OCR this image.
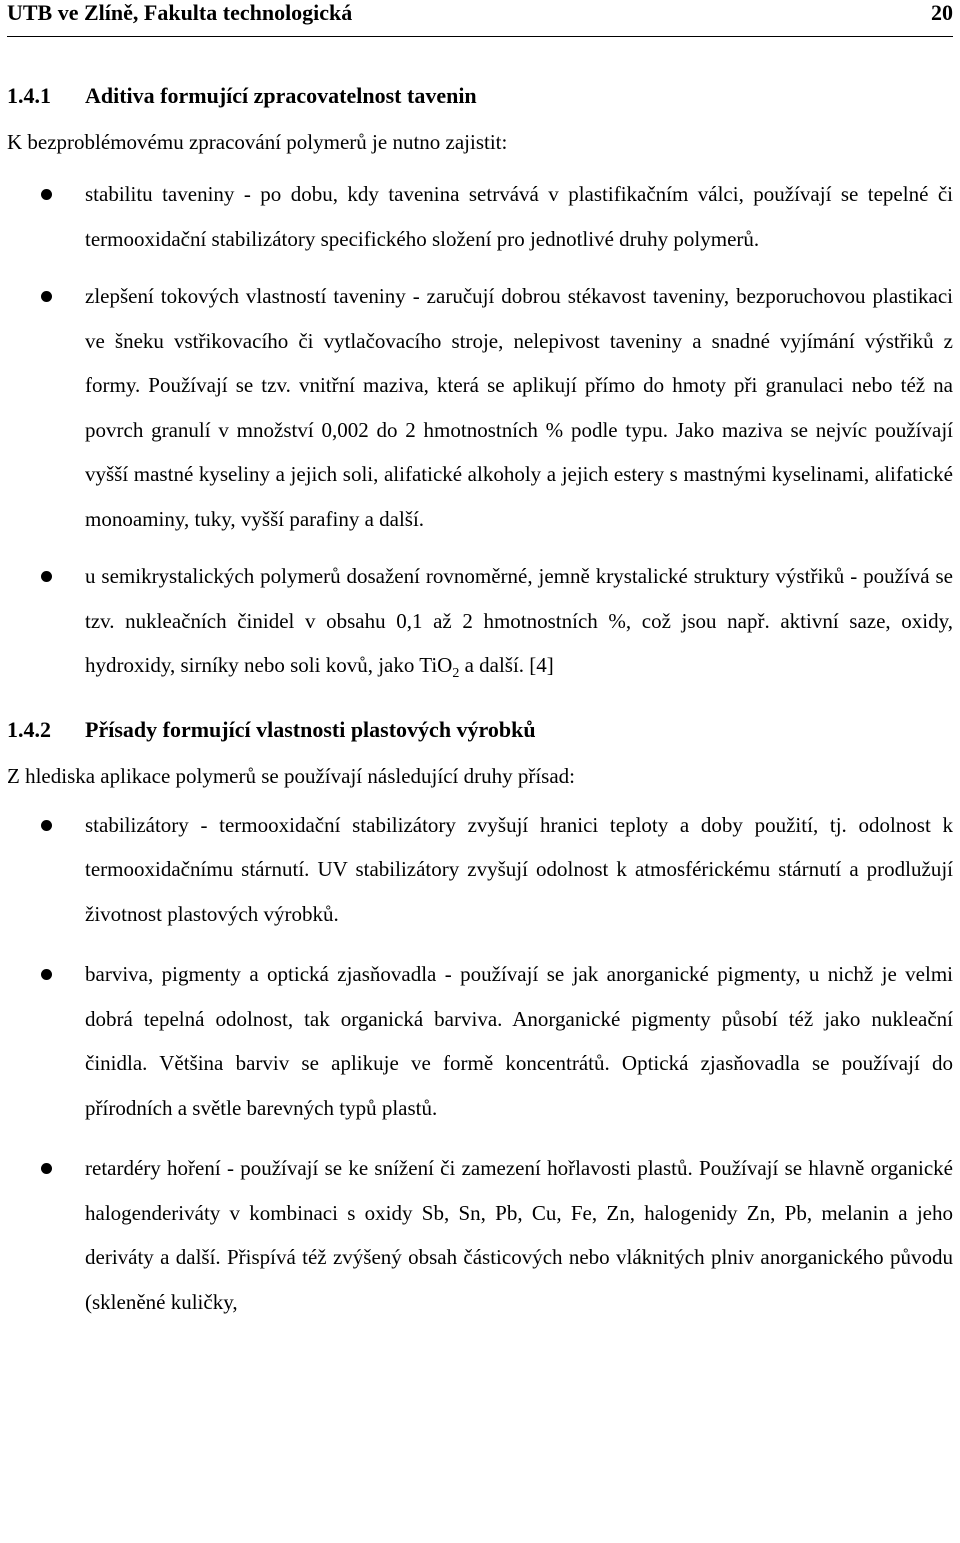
UTB ve Zlíně, Fakulta technologická	20
1.4.1 Aditiva formující zpracovatelnost tavenin

K bezproblémovému zpracování polymerů je nutno zajistit:

stabilitu taveniny - po dobu, kdy tavenina setrvává v plastifikačním válci, používají se tepelné či termooxidační stabilizátory specifického složení pro jednotlivé druhy polymerů.
zlepšení tokových vlastností taveniny - zaručují dobrou stékavost taveniny, bezporuchovou plastikaci ve šneku vstřikovacího či vytlačovacího stroje, nelepivost taveniny a snadné vyjímání výstřiků z formy. Používají se tzv. vnitřní maziva, která se aplikují přímo do hmoty při granulaci nebo též na povrch granulí v množství 0,002 do 2 hmotnostních % podle typu. Jako maziva se nejvíc používají vyšší mastné kyseliny a jejich soli, alifatické alkoholy a jejich estery s mastnými kyselinami, alifatické monoaminy, tuky, vyšší parafiny a další.
u semikrystalických polymerů dosažení rovnoměrné, jemně krystalické struktury výstřiků - používá se tzv. nukleačních činidel v obsahu 0,1 až 2 hmotnostních %, což jsou např. aktivní saze, oxidy, hydroxidy, sirníky nebo soli kovů, jako TiO$_2$ a další. [4]
1.4.2 Přísady formující vlastnosti plastových výrobků

Z hlediska aplikace polymerů se používají následující druhy přísad:

stabilizátory - termooxidační stabilizátory zvyšují hranici teploty a doby použití, tj. odolnost k termooxidačnímu stárnutí. UV stabilizátory zvyšují odolnost k atmosférickému stárnutí a prodlužují životnost plastových výrobků.
barviva, pigmenty a optická zjasňovadla - používají se jak anorganické pigmenty, u nichž je velmi dobrá tepelná odolnost, tak organická barviva. Anorganické pigmenty působí též jako nukleační činidla. Většina barviv se aplikuje ve formě koncentrátů. Optická zjasňovadla se používají do přírodních a světle barevných typů plastů.
retardéry hoření - používají se ke snížení či zamezení hořlavosti plastů. Používají se hlavně organické halogenderiváty v kombinaci s oxidy Sb, Sn, Pb, Cu, Fe, Zn, halogenidy Zn, Pb, melanin a jeho deriváty a další. Přispívá též zvýšený obsah částicových nebo vláknitých plniv anorganického původu (skleněné kuličky,
